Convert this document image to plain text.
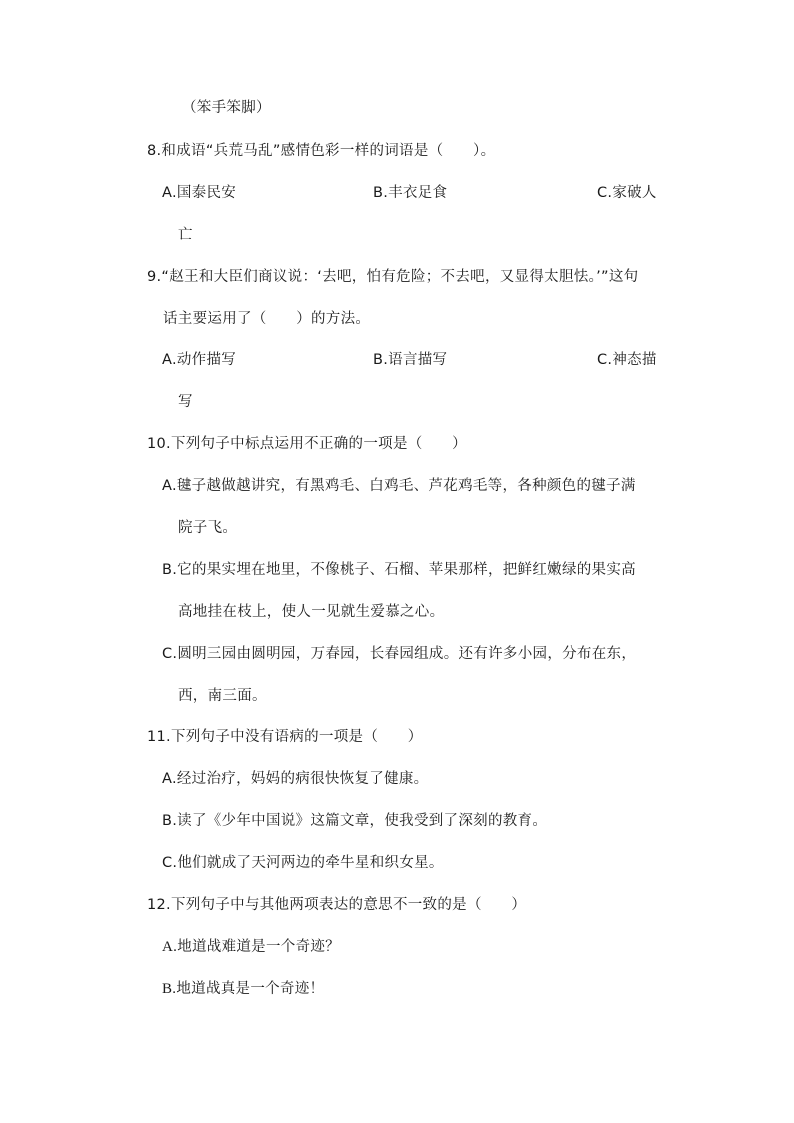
（笨手笨脚）
8.和成语“兵荒马乱”感情色彩一样的词语是（　　）。
A.国泰民安	B.丰衣足食	C.家破人
亡
9.“赵王和大臣们商议说：‘去吧，怕有危险；不去吧，又显得太胆怯。’”这句
话主要运用了（　　）的方法。
A.动作描写	B.语言描写	C.神态描
写
10.下列句子中标点运用不正确的一项是（　　）
A.毽子越做越讲究，有黑鸡毛、白鸡毛、芦花鸡毛等，各种颜色的毽子满
院子飞。
B.它的果实埋在地里，不像桃子、石榴、苹果那样，把鲜红嫩绿的果实高
高地挂在枝上，使人一见就生爱慕之心。
C.圆明三园由圆明园，万春园，长春园组成。还有许多小园，分布在东，
西，南三面。
11.下列句子中没有语病的一项是（　　）
A.经过治疗，妈妈的病很快恢复了健康。
B.读了《少年中国说》这篇文章，使我受到了深刻的教育。
C.他们就成了天河两边的牵牛星和织女星。
12.下列句子中与其他两项表达的意思不一致的是（　　）
A.地道战难道是一个奇迹？
B.地道战真是一个奇迹！
